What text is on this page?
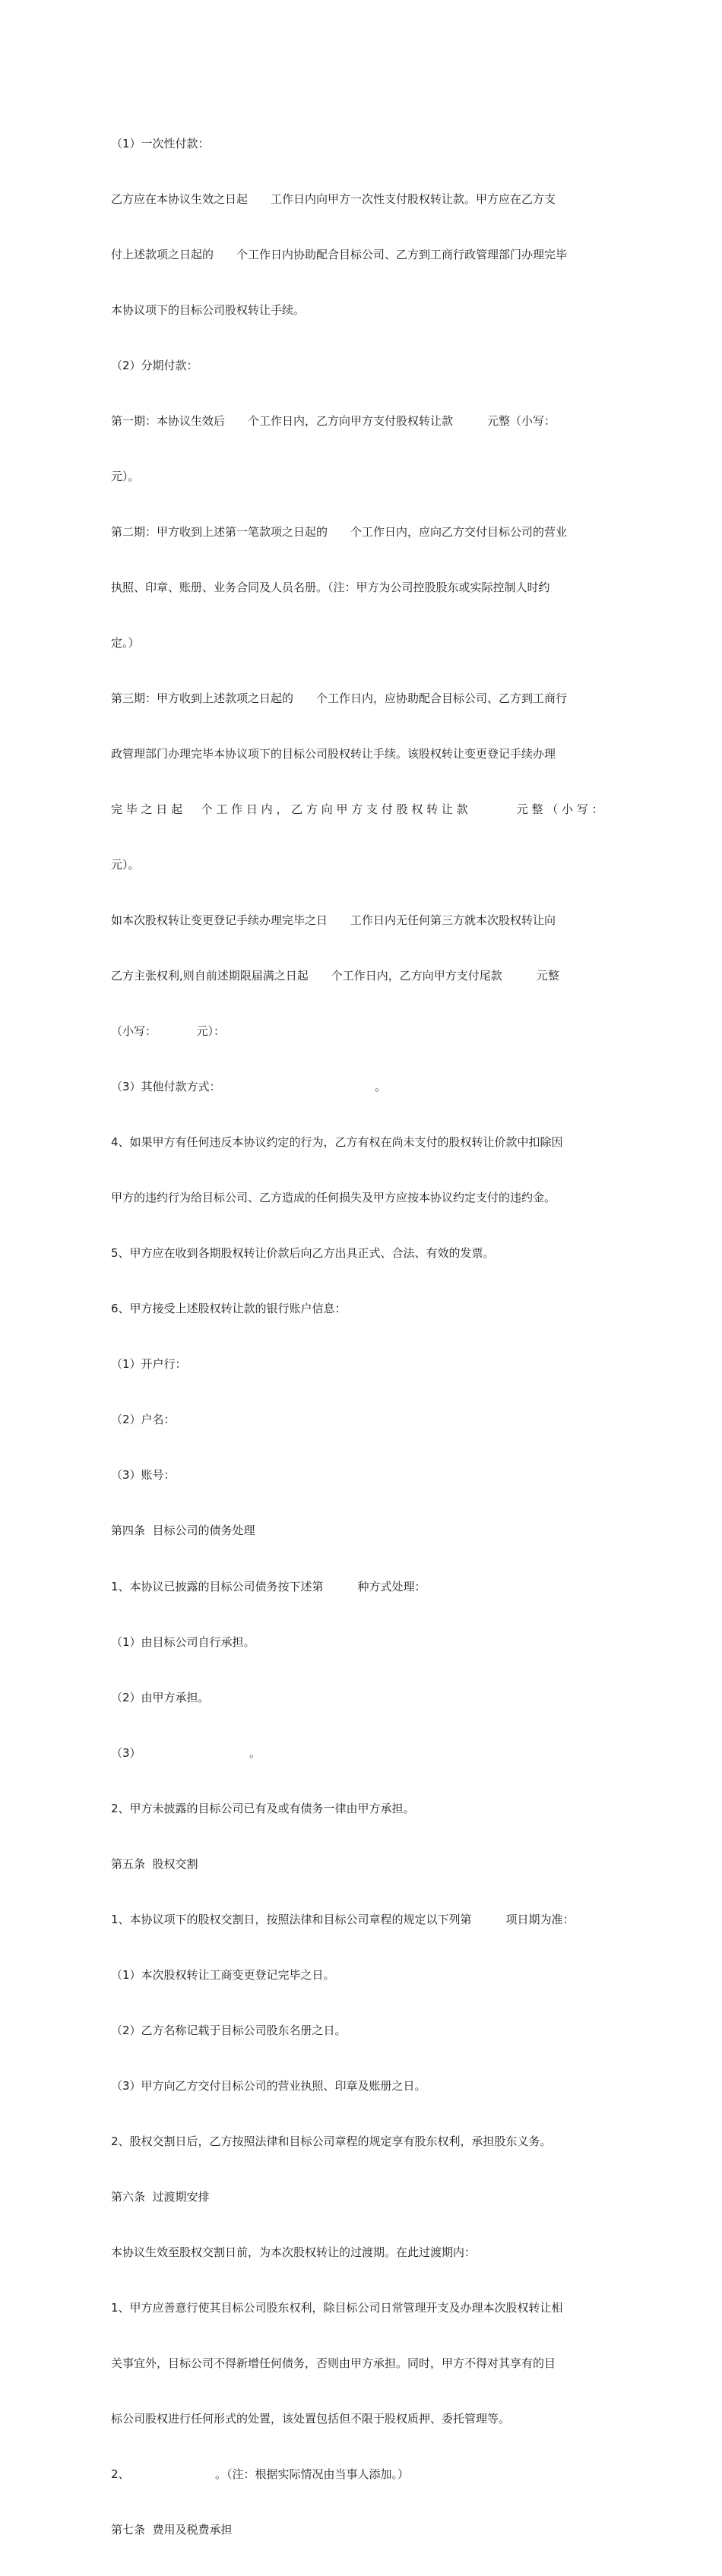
（1）一次性付款：

乙方应在本协议生效之日起　　工作日内向甲方一次性支付股权转让款。甲方应在乙方支

付上述款项之日起的　　个工作日内协助配合目标公司、乙方到工商行政管理部门办理完毕

本协议项下的目标公司股权转让手续。

（2）分期付款：

第一期：本协议生效后　　个工作日内，乙方向甲方支付股权转让款　　　元整（小写：

元）。

第二期：甲方收到上述第一笔款项之日起的　　个工作日内，应向乙方交付目标公司的营业

执照、印章、账册、业务合同及人员名册。（注：甲方为公司控股股东或实际控制人时约

定。）

第三期：甲方收到上述款项之日起的　　个工作日内，应协助配合目标公司、乙方到工商行

政管理部门办理完毕本协议项下的目标公司股权转让手续。该股权转让变更登记手续办理

完 毕 之 日 起 　 个 工 作 日 内 ， 乙 方 向 甲 方 支 付 股 权 转 让 款 　 　 　 元 整 （ 小 写 ：

元）。

如本次股权转让变更登记手续办理完毕之日　　工作日内无任何第三方就本次股权转让向

乙方主张权利,则自前述期限届满之日起　　个工作日内，乙方向甲方支付尾款　　　元整

（小写：　　　　元）：

（3）其他付款方式：　　　　　　　　　　　　　　。

4、如果甲方有任何违反本协议约定的行为，乙方有权在尚未支付的股权转让价款中扣除因

甲方的违约行为给目标公司、乙方造成的任何损失及甲方应按本协议约定支付的违约金。

5、甲方应在收到各期股权转让价款后向乙方出具正式、合法、有效的发票。

6、甲方接受上述股权转让款的银行账户信息：

（1）开户行：

（2）户名：

（3）账号：

第四条  目标公司的债务处理

1、本协议已披露的目标公司债务按下述第　　　种方式处理：

（1）由目标公司自行承担。

（2）由甲方承担。

（3）　　　　　　　　　　。

2、甲方未披露的目标公司已有及或有债务一律由甲方承担。

第五条  股权交割

1、本协议项下的股权交割日，按照法律和目标公司章程的规定以下列第　　　项日期为准：

（1）本次股权转让工商变更登记完毕之日。

（2）乙方名称记载于目标公司股东名册之日。

（3）甲方向乙方交付目标公司的营业执照、印章及账册之日。

2、股权交割日后，乙方按照法律和目标公司章程的规定享有股东权利，承担股东义务。

第六条  过渡期安排

本协议生效至股权交割日前，为本次股权转让的过渡期。在此过渡期内：

1、甲方应善意行使其目标公司股东权利，除目标公司日常管理开支及办理本次股权转让相

关事宜外，目标公司不得新增任何债务，否则由甲方承担。同时，甲方不得对其享有的目

标公司股权进行任何形式的处置，该处置包括但不限于股权质押、委托管理等。

2、　　　　　　　　。（注：根据实际情况由当事人添加。）

第七条  费用及税费承担
